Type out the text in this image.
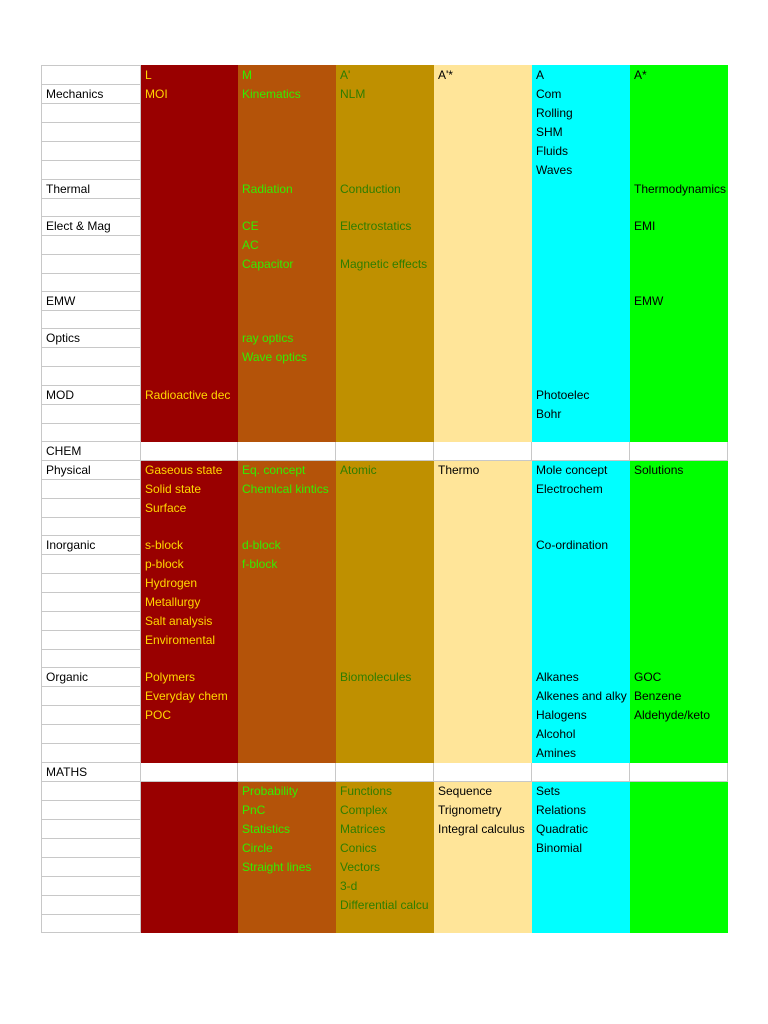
	L	M	A'	A'*	A	A*
Mechanics	MOI	Kinematics	NLM		Com	
					Rolling	
					SHM	
					Fluids	
					Waves	
Thermal		Radiation	Conduction			Thermodynamics

Elect & Mag		CE	Electrostatics			EMI
		AC				
		Capacitor	Magnetic effects			

EMW						EMW

Optics		ray optics				
		Wave optics				

MOD	Radioactive dec				Photoelec	
					Bohr	

CHEM						
Physical	Gaseous state	Eq. concept	Atomic	Thermo	Mole concept	Solutions
	Solid state	Chemical kintics			Electrochem	
	Surface					

Inorganic	s-block	d-block			Co-ordination	
	p-block	f-block				
	Hydrogen					
	Metallurgy					
	Salt analysis					
	Enviromental					

Organic	Polymers		Biomolecules		Alkanes	GOC
	Everyday chem				Alkenes and alky	Benzene
	POC				Halogens	Aldehyde/keto
					Alcohol	
					Amines	
MATHS						
		Probability	Functions	Sequence	Sets	
		PnC	Complex	Trignometry	Relations	
		Statistics	Matrices	Integral calculus	Quadratic	
		Circle	Conics		Binomial	
		Straight lines	Vectors			
			3-d			
			Differential calcu			
